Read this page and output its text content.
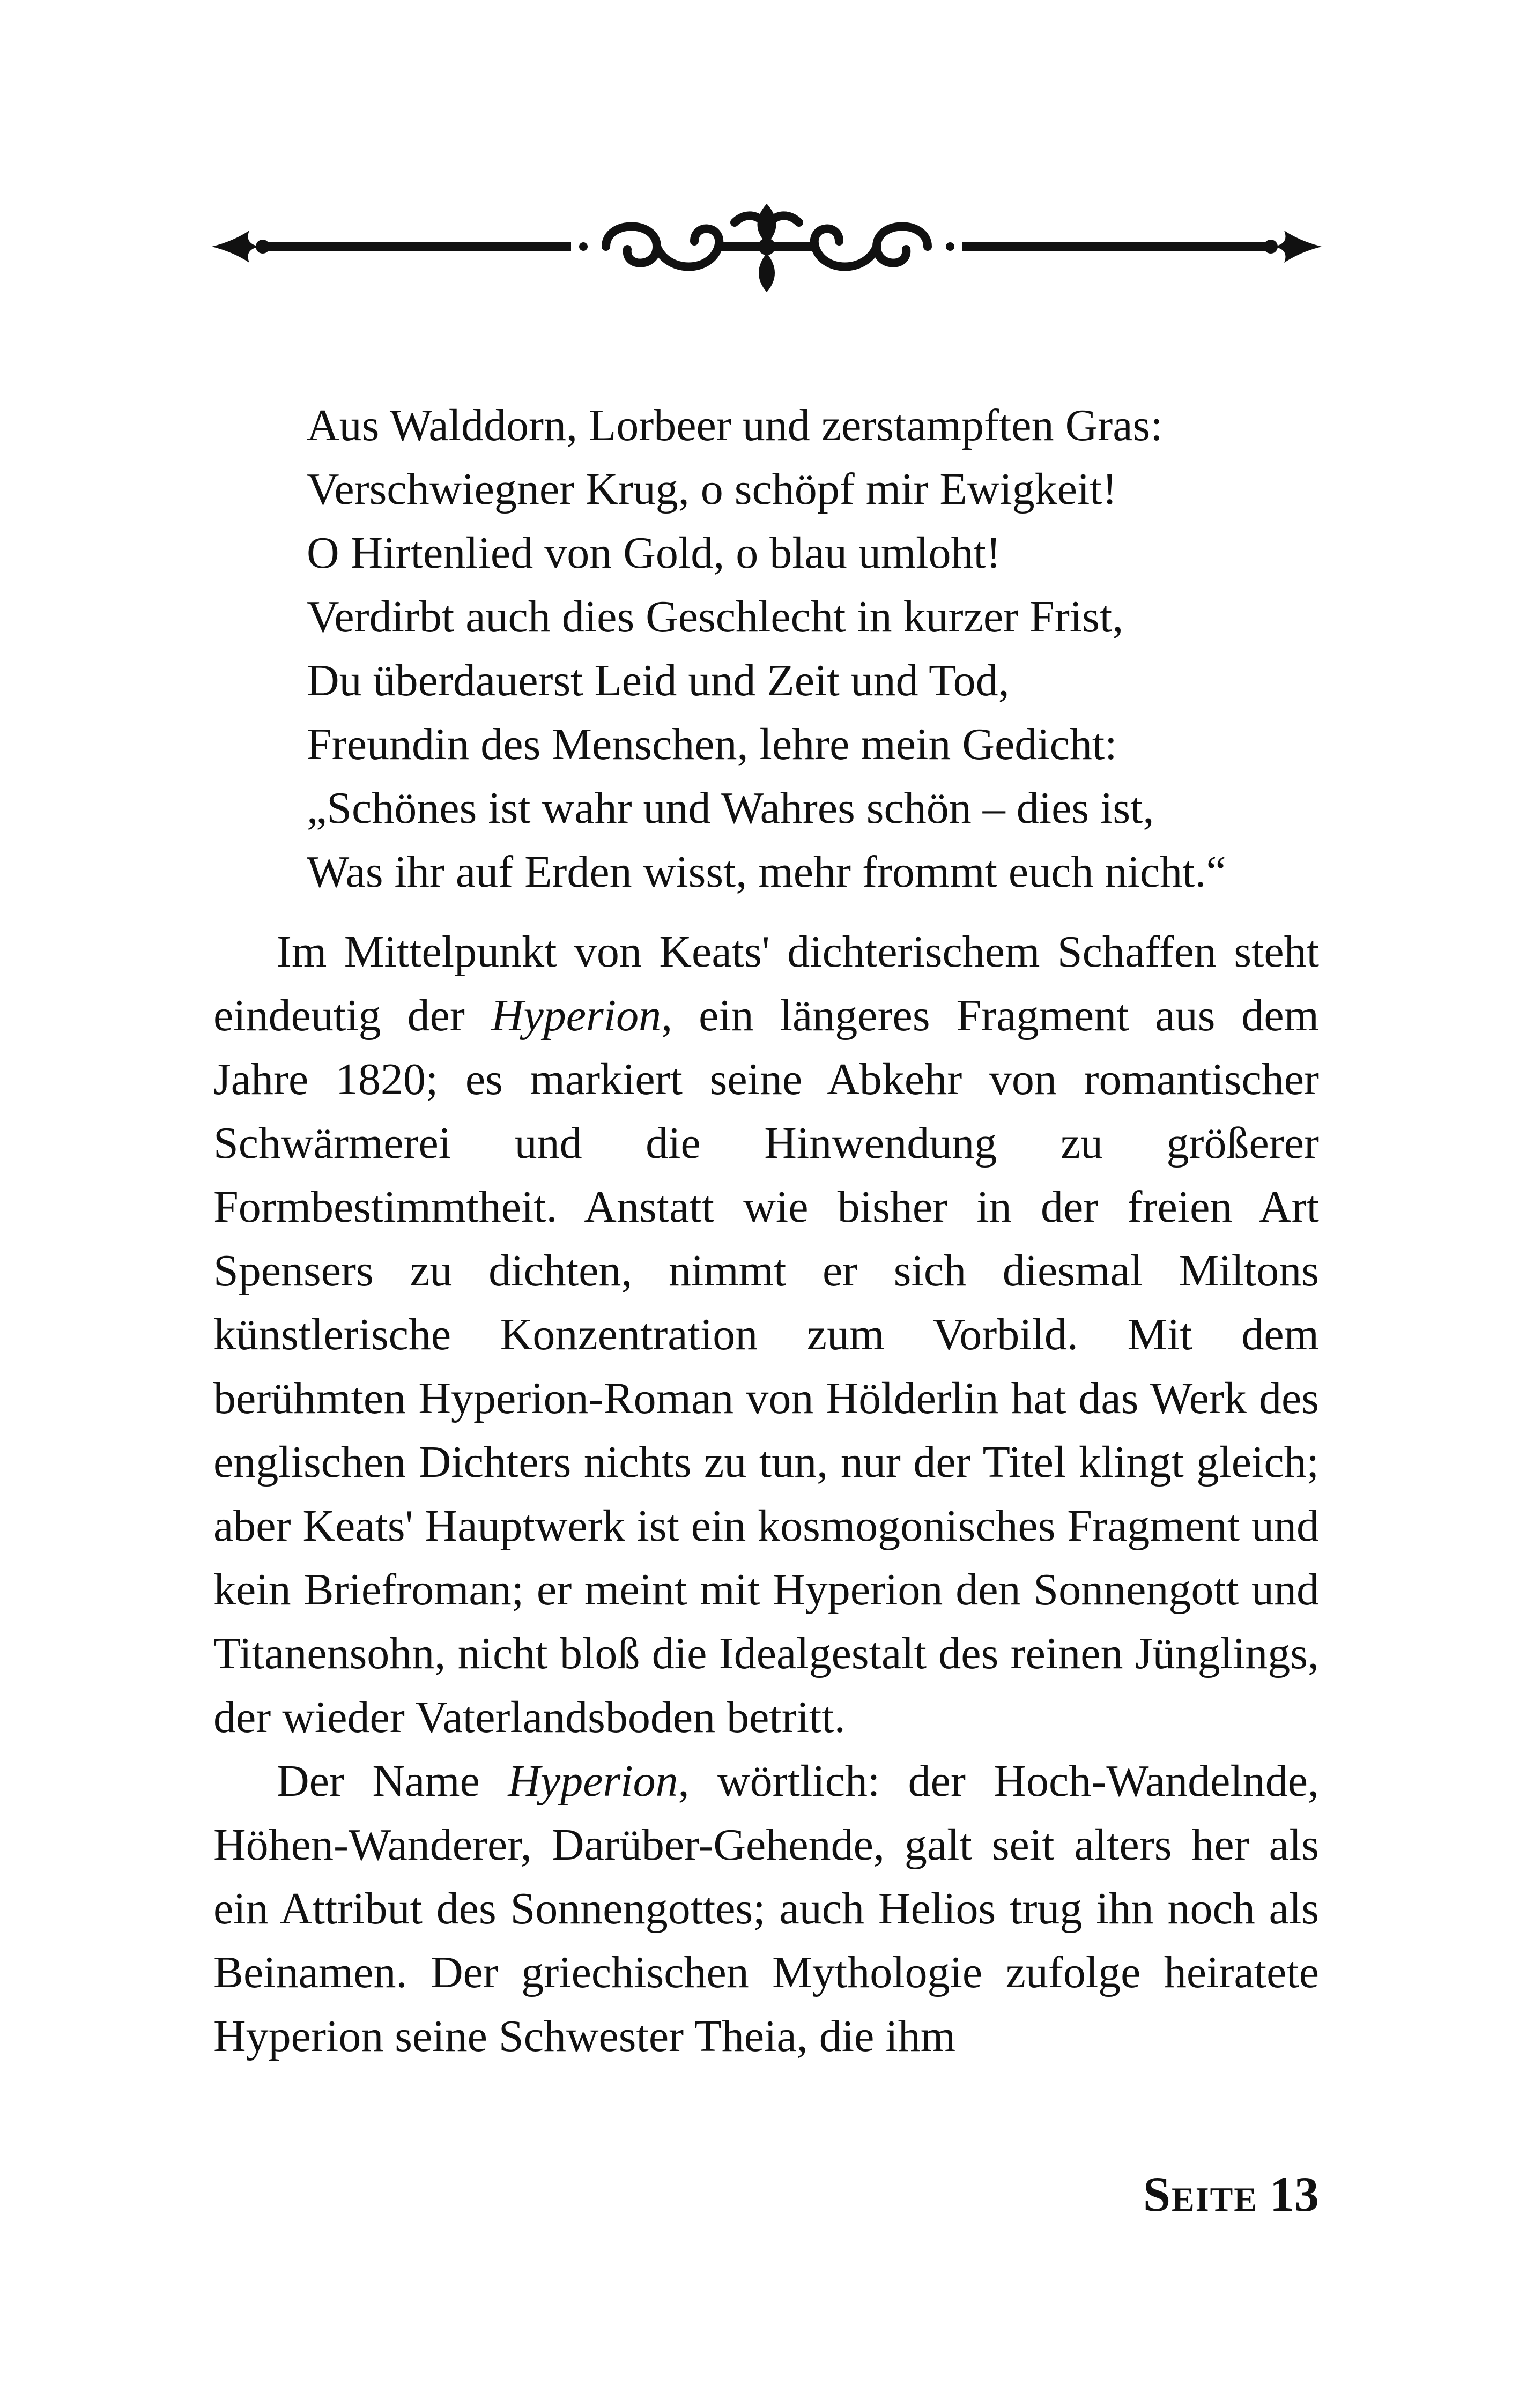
Aus Walddorn, Lorbeer und zerstampften Gras:
Verschwiegner Krug, o schöpf mir Ewigkeit!
O Hirtenlied von Gold, o blau umloht!
Verdirbt auch dies Geschlecht in kurzer Frist,
Du überdauerst Leid und Zeit und Tod,
Freundin des Menschen, lehre mein Gedicht:
„Schönes ist wahr und Wahres schön – dies ist,
Was ihr auf Erden wisst, mehr frommt euch nicht.“

Im Mittelpunkt von Keats' dichterischem Schaffen steht eindeutig der Hyperion, ein längeres Fragment aus dem Jahre 1820; es markiert seine Abkehr von romantischer Schwärmerei und die Hinwendung zu größerer Formbestimmtheit. Anstatt wie bisher in der freien Art Spensers zu dichten, nimmt er sich diesmal Miltons künstlerische Konzentration zum Vorbild. Mit dem berühmten Hyperion-Roman von Hölderlin hat das Werk des englischen Dichters nichts zu tun, nur der Titel klingt gleich; aber Keats' Hauptwerk ist ein kosmogonisches Fragment und kein Briefroman; er meint mit Hyperion den Sonnengott und Titanensohn, nicht bloß die Idealgestalt des reinen Jünglings, der wieder Vaterlandsboden betritt.

Der Name Hyperion, wörtlich: der Hoch-Wandelnde, Höhen-Wanderer, Darüber-Gehende, galt seit alters her als ein Attribut des Sonnengottes; auch Helios trug ihn noch als Beinamen. Der griechischen Mythologie zufolge heiratete Hyperion seine Schwester Theia, die ihm

Seite 13
